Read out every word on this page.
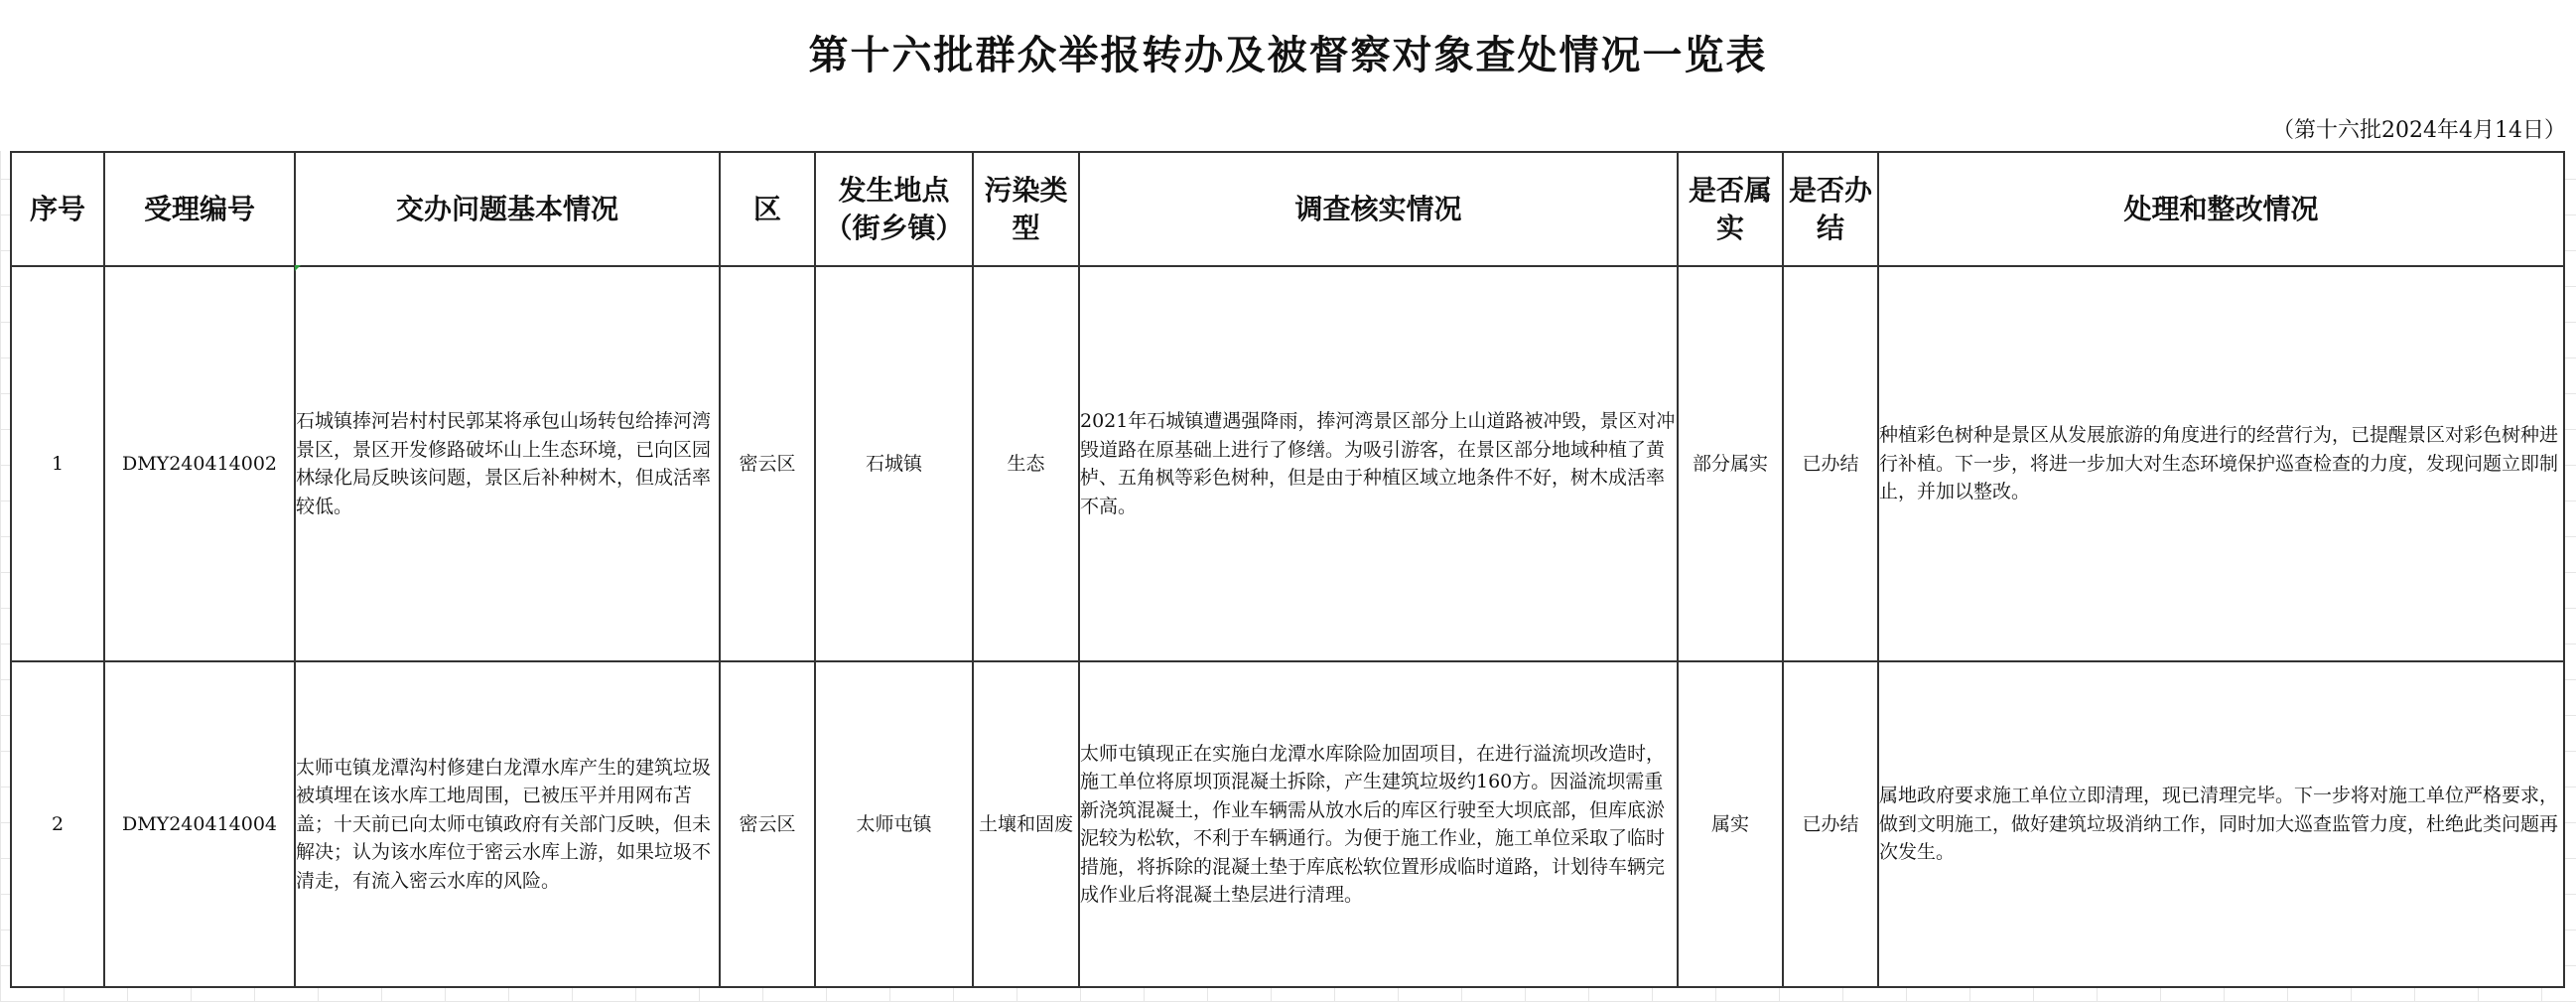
第十六批群众举报转办及被督察对象查处情况一览表
（第十六批2024年4月14日）
序号	受理编号	交办问题基本情况	区	发生地点（街乡镇）	污染类型	调查核实情况	是否属实	是否办结	处理和整改情况
1	DMY240414002	石城镇捧河岩村村民郭某将承包山场转包给捧河湾景区，景区开发修路破坏山上生态环境，已向区园林绿化局反映该问题，景区后补种树木，但成活率较低。	密云区	石城镇	生态	2021年石城镇遭遇强降雨，捧河湾景区部分上山道路被冲毁，景区对冲毁道路在原基础上进行了修缮。为吸引游客，在景区部分地域种植了黄栌、五角枫等彩色树种，但是由于种植区域立地条件不好，树木成活率不高。	部分属实	已办结	种植彩色树种是景区从发展旅游的角度进行的经营行为，已提醒景区对彩色树种进行补植。下一步，将进一步加大对生态环境保护巡查检查的力度，发现问题立即制止，并加以整改。
2	DMY240414004	太师屯镇龙潭沟村修建白龙潭水库产生的建筑垃圾被填埋在该水库工地周围，已被压平并用网布苫盖；十天前已向太师屯镇政府有关部门反映，但未解决；认为该水库位于密云水库上游，如果垃圾不清走，有流入密云水库的风险。	密云区	太师屯镇	土壤和固废	太师屯镇现正在实施白龙潭水库除险加固项目，在进行溢流坝改造时，施工单位将原坝顶混凝土拆除，产生建筑垃圾约160方。因溢流坝需重新浇筑混凝土，作业车辆需从放水后的库区行驶至大坝底部，但库底淤泥较为松软，不利于车辆通行。为便于施工作业，施工单位采取了临时措施，将拆除的混凝土垫于库底松软位置形成临时道路，计划待车辆完成作业后将混凝土垫层进行清理。	属实	已办结	属地政府要求施工单位立即清理，现已清理完毕。下一步将对施工单位严格要求，做到文明施工，做好建筑垃圾消纳工作，同时加大巡查监管力度，杜绝此类问题再次发生。
